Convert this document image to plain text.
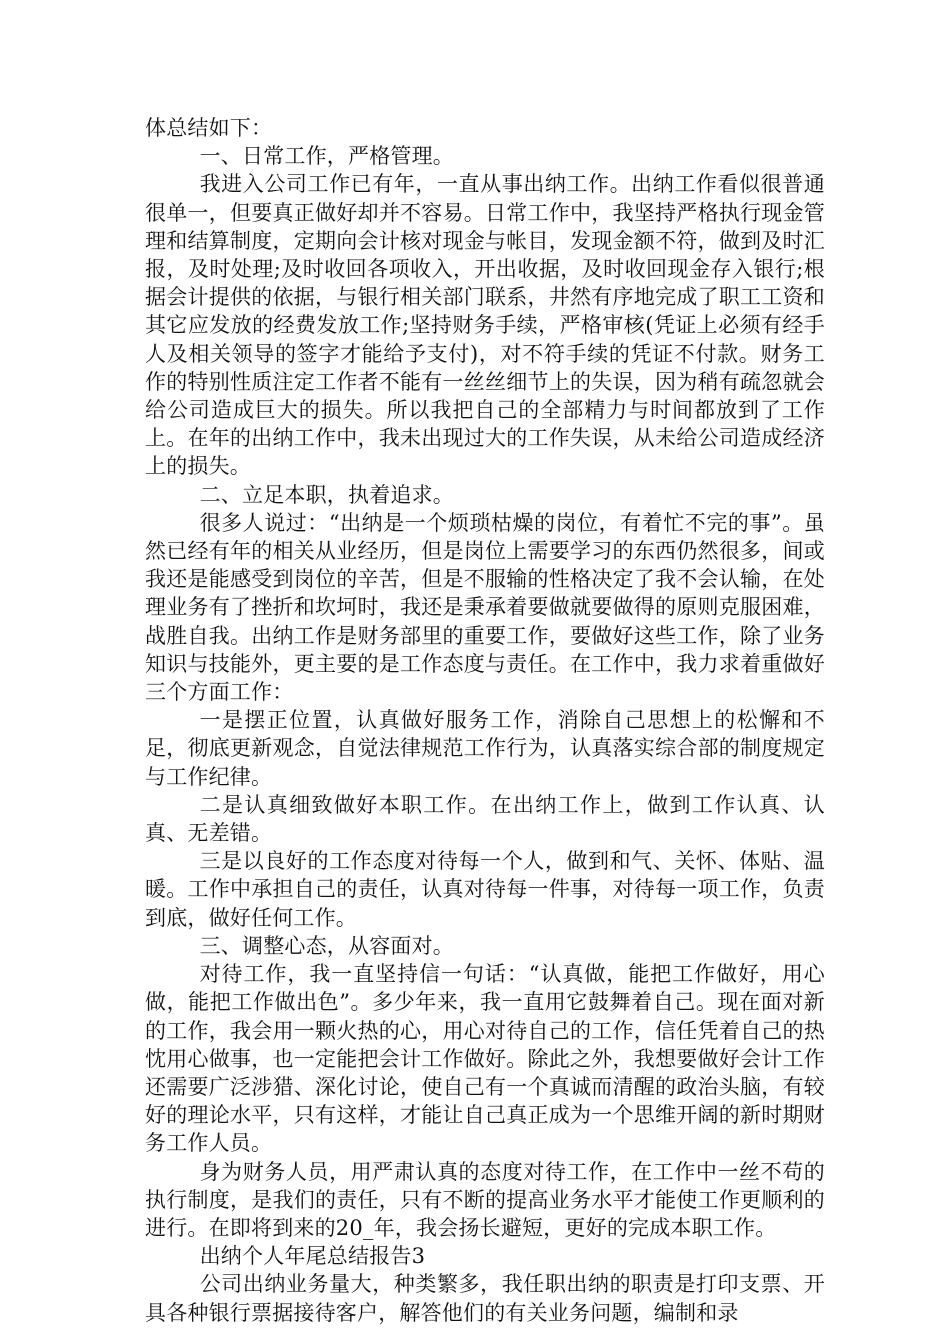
体总结如下：

一、日常工作，严格管理。

我进入公司工作已有年，一直从事出纳工作。出纳工作看似很普通很单一，但要真正做好却并不容易。日常工作中，我坚持严格执行现金管理和结算制度，定期向会计核对现金与帐目，发现金额不符，做到及时汇报，及时处理;及时收回各项收入，开出收据，及时收回现金存入银行;根据会计提供的依据，与银行相关部门联系，井然有序地完成了职工工资和其它应发放的经费发放工作;坚持财务手续，严格审核(凭证上必须有经手人及相关领导的签字才能给予支付)，对不符手续的凭证不付款。财务工作的特别性质注定工作者不能有一丝丝细节上的失误，因为稍有疏忽就会给公司造成巨大的损失。所以我把自己的全部精力与时间都放到了工作上。在年的出纳工作中，我未出现过大的工作失误，从未给公司造成经济上的损失。

二、立足本职，执着追求。

很多人说过：“出纳是一个烦琐枯燥的岗位，有着忙不完的事”。虽然已经有年的相关从业经历，但是岗位上需要学习的东西仍然很多，间或我还是能感受到岗位的辛苦，但是不服输的性格决定了我不会认输，在处理业务有了挫折和坎坷时，我还是秉承着要做就要做得的原则克服困难，战胜自我。出纳工作是财务部里的重要工作，要做好这些工作，除了业务知识与技能外，更主要的是工作态度与责任。在工作中，我力求着重做好三个方面工作：

一是摆正位置，认真做好服务工作，消除自己思想上的松懈和不足，彻底更新观念，自觉法律规范工作行为，认真落实综合部的制度规定与工作纪律。

二是认真细致做好本职工作。在出纳工作上，做到工作认真、认真、无差错。

三是以良好的工作态度对待每一个人，做到和气、关怀、体贴、温暖。工作中承担自己的责任，认真对待每一件事，对待每一项工作，负责到底，做好任何工作。

三、调整心态，从容面对。

对待工作，我一直坚持信一句话：“认真做，能把工作做好，用心做，能把工作做出色”。多少年来，我一直用它鼓舞着自己。现在面对新的工作，我会用一颗火热的心，用心对待自己的工作，信任凭着自己的热忱用心做事，也一定能把会计工作做好。除此之外，我想要做好会计工作还需要广泛涉猎、深化讨论，使自己有一个真诚而清醒的政治头脑，有较好的理论水平，只有这样，才能让自己真正成为一个思维开阔的新时期财务工作人员。

身为财务人员，用严肃认真的态度对待工作，在工作中一丝不苟的执行制度，是我们的责任，只有不断的提高业务水平才能使工作更顺利的进行。在即将到来的20_年，我会扬长避短，更好的完成本职工作。

出纳个人年尾总结报告3

公司出纳业务量大，种类繁多，我任职出纳的职责是打印支票、开具各种银行票据接待客户，解答他们的有关业务问题，编制和录
